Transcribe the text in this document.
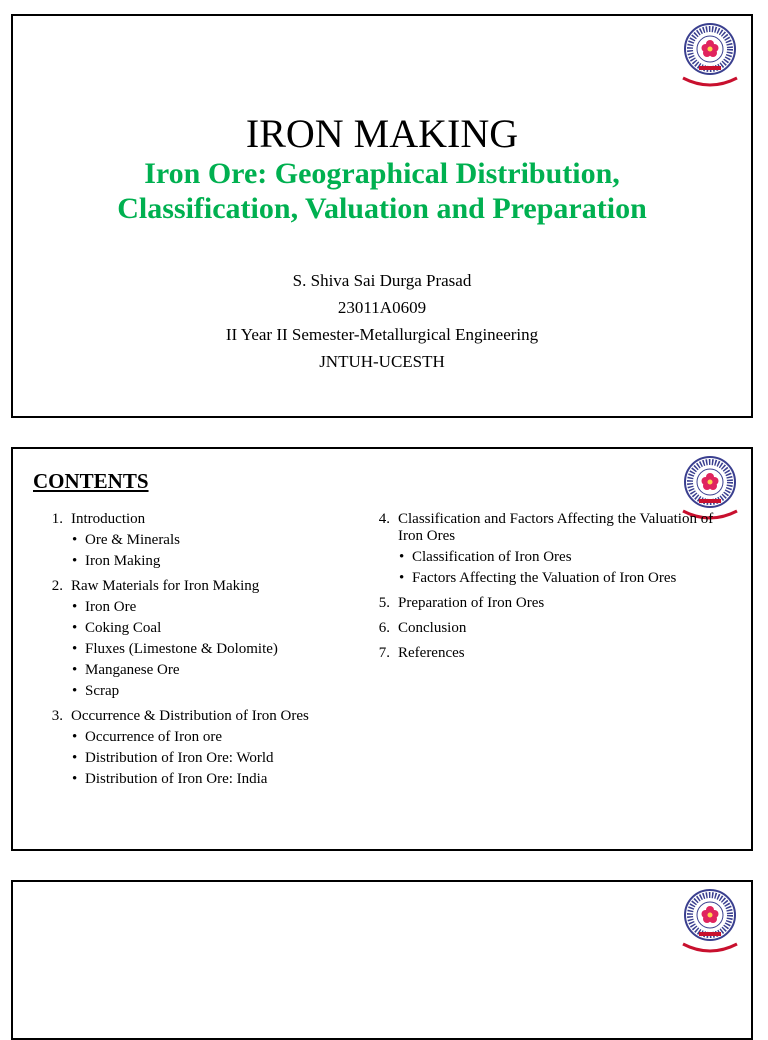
IRON MAKING
Iron Ore: Geographical Distribution,
Classification, Valuation and Preparation
S. Shiva Sai Durga Prasad
23011A0609
II Year II Semester-Metallurgical Engineering
JNTUH-UCESTH
CONTENTS
1. Introduction
• Ore & Minerals
• Iron Making
2. Raw Materials for Iron Making
• Iron Ore
• Coking Coal
• Fluxes (Limestone & Dolomite)
• Manganese Ore
• Scrap
3. Occurrence & Distribution of Iron Ores
• Occurrence of Iron ore
• Distribution of Iron Ore: World
• Distribution of Iron Ore: India
4. Classification and Factors Affecting the Valuation of Iron Ores
• Classification of Iron Ores
• Factors Affecting the Valuation of Iron Ores
5. Preparation of Iron Ores
6. Conclusion
7. References
